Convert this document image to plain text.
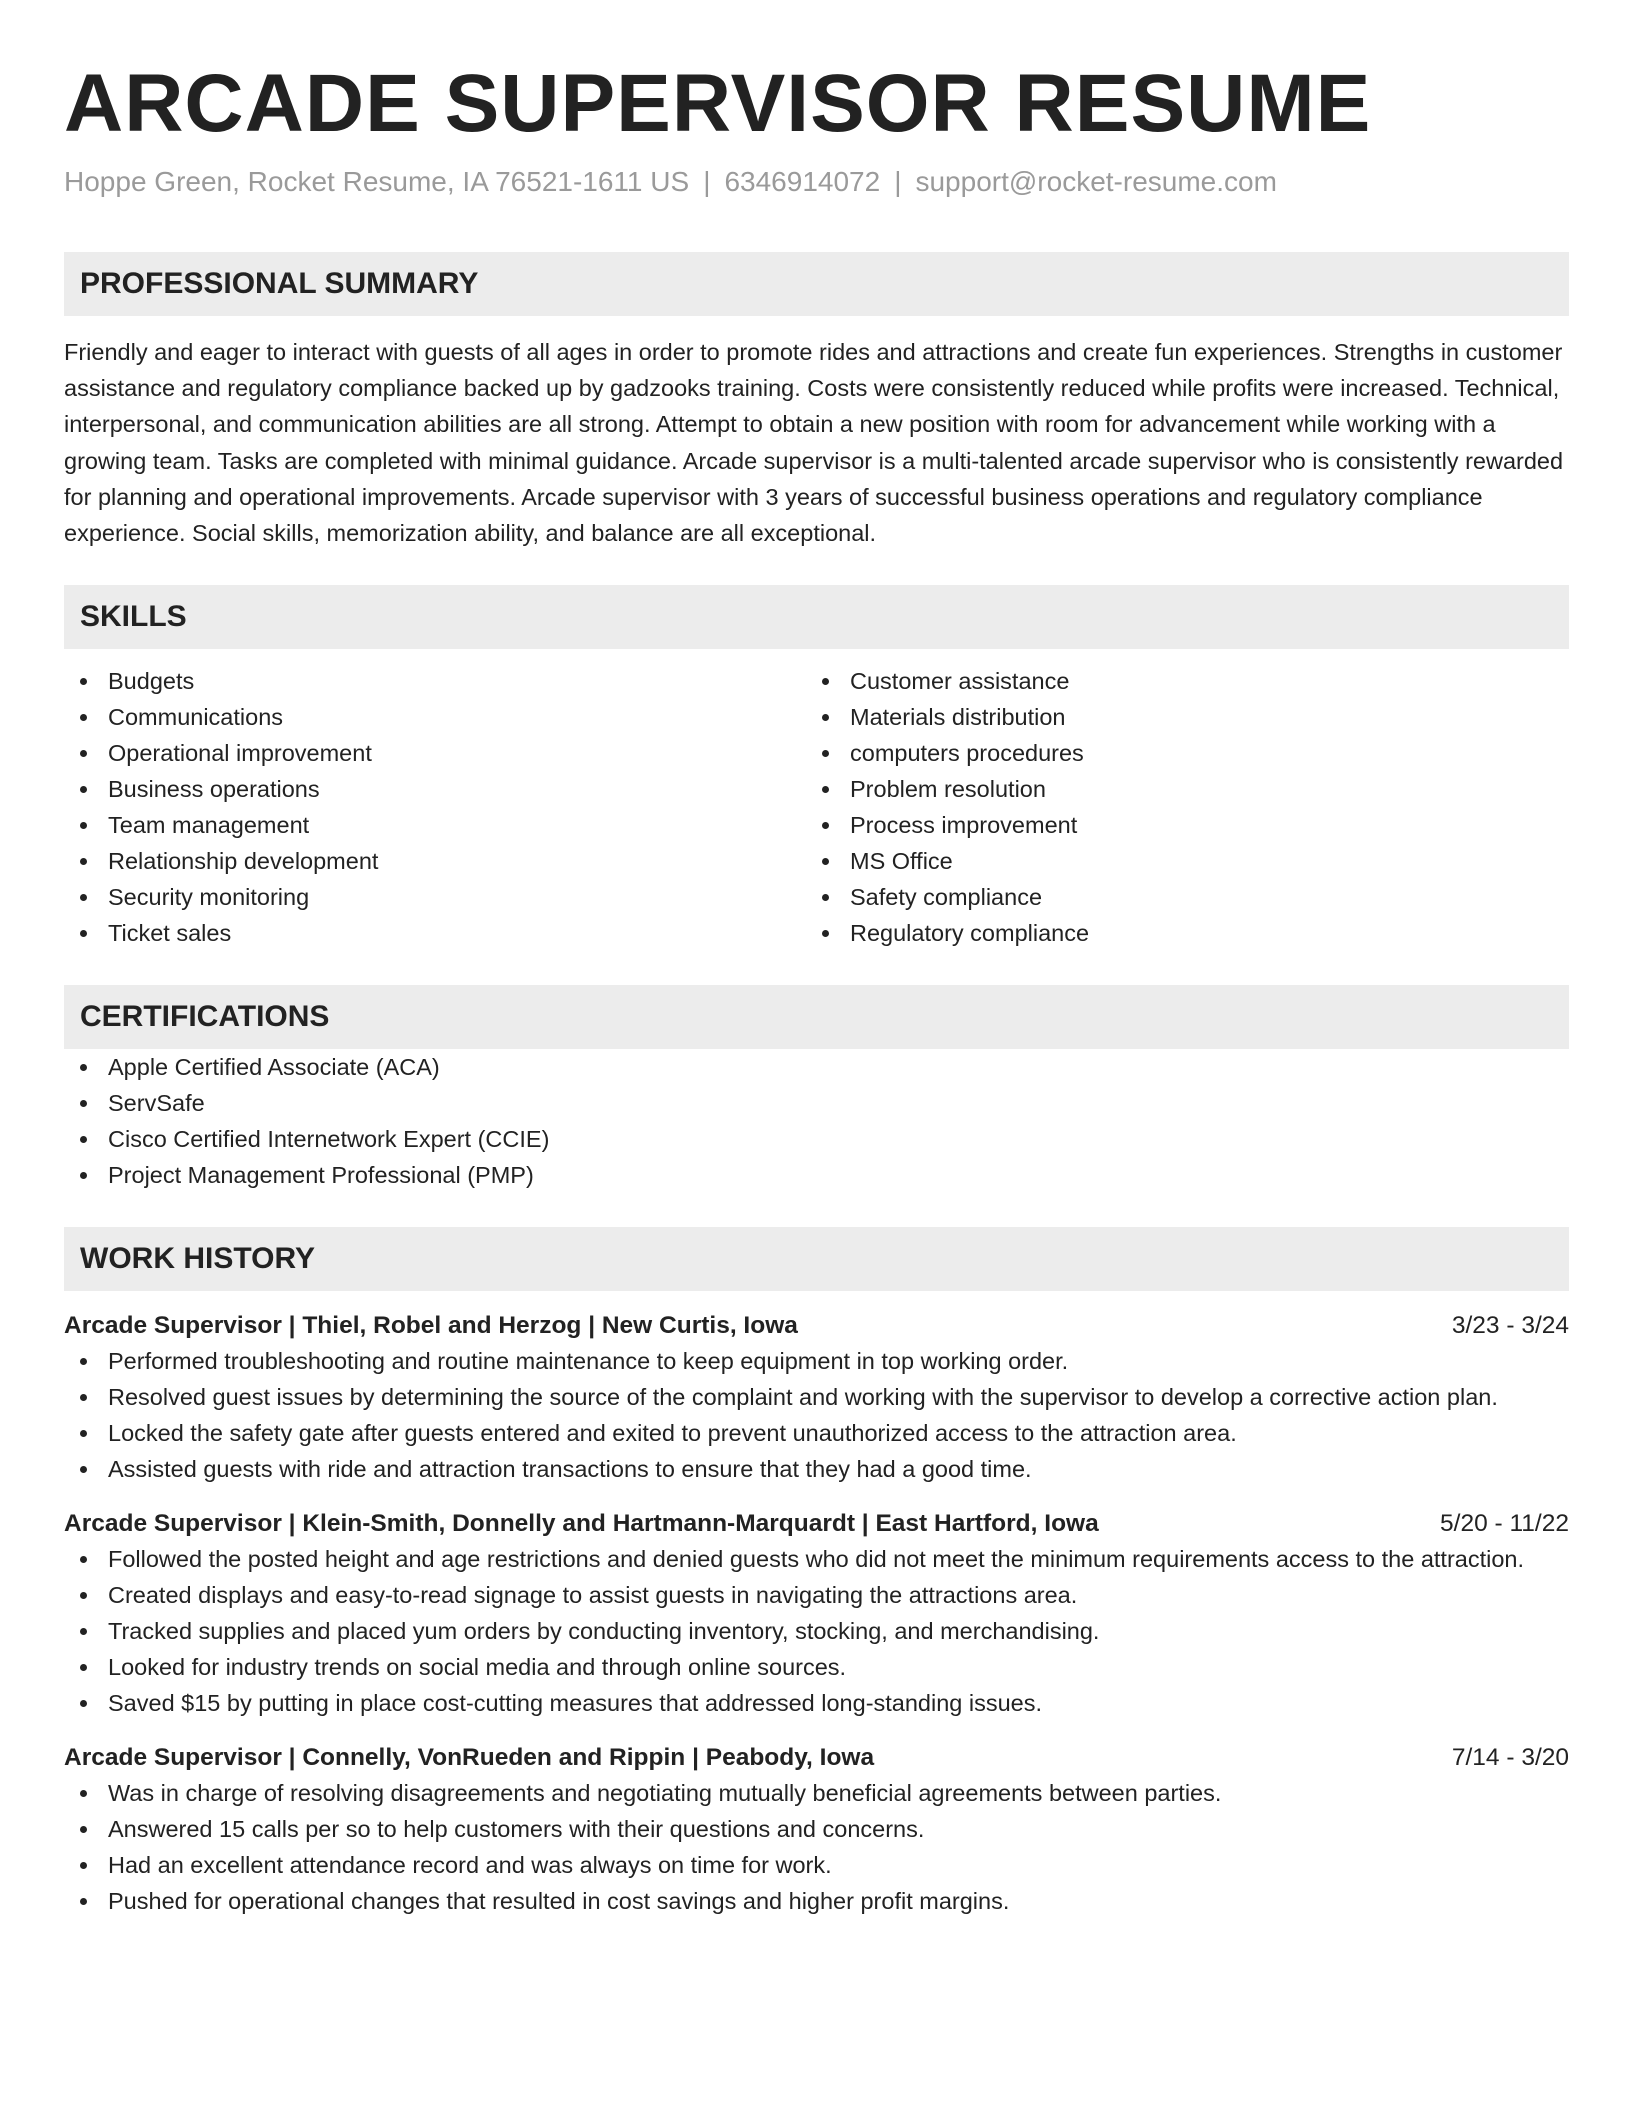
ARCADE SUPERVISOR RESUME
Hoppe Green, Rocket Resume, IA 76521-1611 US | 6346914072 | support@rocket-resume.com
PROFESSIONAL SUMMARY

Friendly and eager to interact with guests of all ages in order to promote rides and attractions and create fun experiences. Strengths in customer assistance and regulatory compliance backed up by gadzooks training. Costs were consistently reduced while profits were increased. Technical, interpersonal, and communication abilities are all strong. Attempt to obtain a new position with room for advancement while working with a growing team. Tasks are completed with minimal guidance. Arcade supervisor is a multi-talented arcade supervisor who is consistently rewarded for planning and operational improvements. Arcade supervisor with 3 years of successful business operations and regulatory compliance experience. Social skills, memorization ability, and balance are all exceptional.

SKILLS
Budgets
Communications
Operational improvement
Business operations
Team management
Relationship development
Security monitoring
Ticket sales
Customer assistance
Materials distribution
computers procedures
Problem resolution
Process improvement
MS Office
Safety compliance
Regulatory compliance
CERTIFICATIONS
Apple Certified Associate (ACA)
ServSafe
Cisco Certified Internetwork Expert (CCIE)
Project Management Professional (PMP)
WORK HISTORY
Arcade Supervisor | Thiel, Robel and Herzog | New Curtis, Iowa	3/23 - 3/24
Performed troubleshooting and routine maintenance to keep equipment in top working order.
Resolved guest issues by determining the source of the complaint and working with the supervisor to develop a corrective action plan.
Locked the safety gate after guests entered and exited to prevent unauthorized access to the attraction area.
Assisted guests with ride and attraction transactions to ensure that they had a good time.
Arcade Supervisor | Klein-Smith, Donnelly and Hartmann-Marquardt | East Hartford, Iowa	5/20 - 11/22
Followed the posted height and age restrictions and denied guests who did not meet the minimum requirements access to the attraction.
Created displays and easy-to-read signage to assist guests in navigating the attractions area.
Tracked supplies and placed yum orders by conducting inventory, stocking, and merchandising.
Looked for industry trends on social media and through online sources.
Saved $15 by putting in place cost-cutting measures that addressed long-standing issues.
Arcade Supervisor | Connelly, VonRueden and Rippin | Peabody, Iowa	7/14 - 3/20
Was in charge of resolving disagreements and negotiating mutually beneficial agreements between parties.
Answered 15 calls per so to help customers with their questions and concerns.
Had an excellent attendance record and was always on time for work.
Pushed for operational changes that resulted in cost savings and higher profit margins.
